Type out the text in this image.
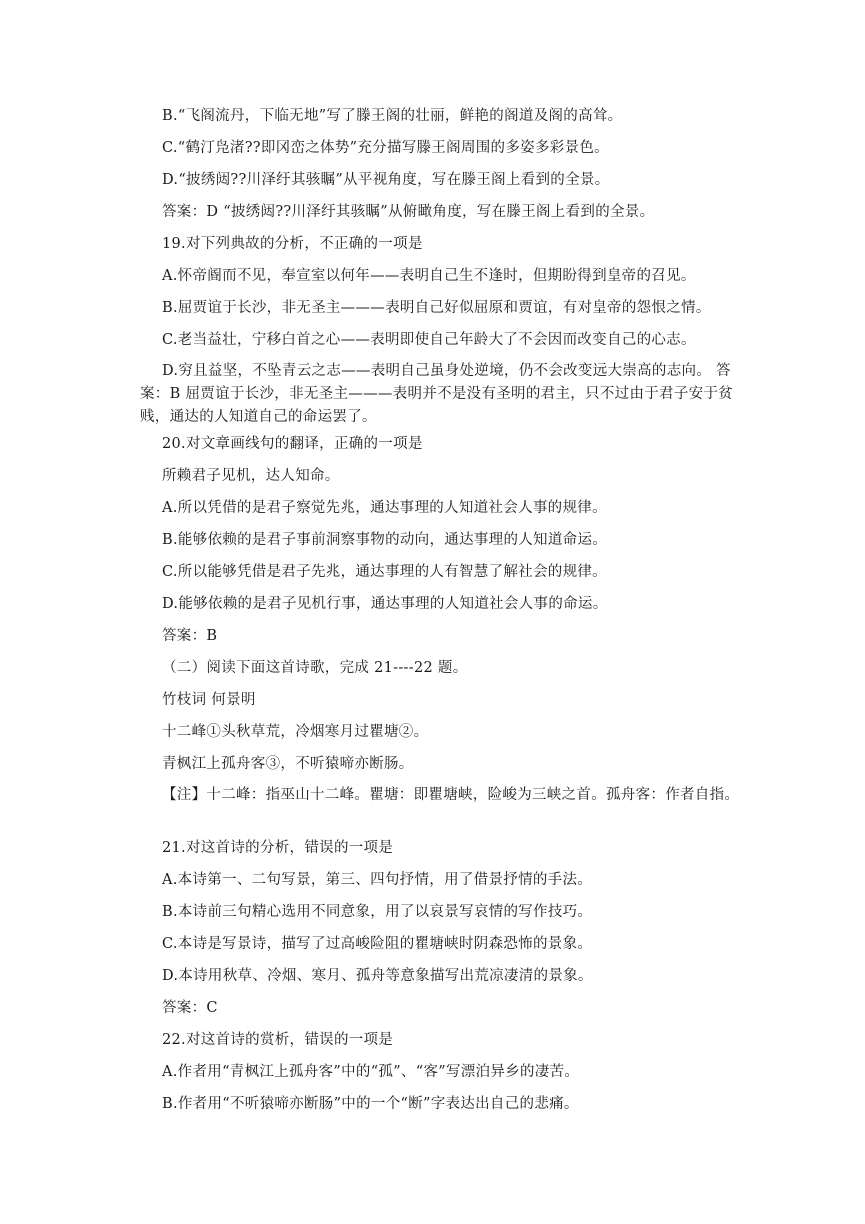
B.“飞阁流丹，下临无地”写了滕王阁的壮丽，鲜艳的阁道及阁的高耸。
C.“鹤汀凫渚??即冈峦之体势”充分描写滕王阁周围的多姿多彩景色。
D.“披绣闼??川泽纡其骇瞩”从平视角度，写在滕王阁上看到的全景。
答案：D “披绣闼??川泽纡其骇瞩”从俯瞰角度，写在滕王阁上看到的全景。
19.对下列典故的分析，不正确的一项是
A.怀帝阍而不见，奉宣室以何年——表明自己生不逢时，但期盼得到皇帝的召见。
B.屈贾谊于长沙，非无圣主———表明自己好似屈原和贾谊，有对皇帝的怨恨之情。
C.老当益壮，宁移白首之心——表明即使自己年龄大了不会因而改变自己的心志。
D.穷且益坚，不坠青云之志——表明自己虽身处逆境，仍不会改变远大崇高的志向。 答案：B 屈贾谊于长沙，非无圣主———表明并不是没有圣明的君主，只不过由于君子安于贫贱，通达的人知道自己的命运罢了。
20.对文章画线句的翻译，正确的一项是
所赖君子见机，达人知命。
A.所以凭借的是君子察觉先兆，通达事理的人知道社会人事的规律。
B.能够依赖的是君子事前洞察事物的动向，通达事理的人知道命运。
C.所以能够凭借是君子先兆，通达事理的人有智慧了解社会的规律。
D.能够依赖的是君子见机行事，通达事理的人知道社会人事的命运。
答案：B
（二）阅读下面这首诗歌，完成 21----22 题。
竹枝词 何景明
十二峰①头秋草荒，冷烟寒月过瞿塘②。
青枫江上孤舟客③，不听猿啼亦断肠。
【注】十二峰：指巫山十二峰。瞿塘：即瞿塘峡，险峻为三峡之首。孤舟客：作者自指。
21.对这首诗的分析，错误的一项是
A.本诗第一、二句写景，第三、四句抒情，用了借景抒情的手法。
B.本诗前三句精心选用不同意象，用了以哀景写哀情的写作技巧。
C.本诗是写景诗，描写了过高峻险阻的瞿塘峡时阴森恐怖的景象。
D.本诗用秋草、冷烟、寒月、孤舟等意象描写出荒凉凄清的景象。
答案：C
22.对这首诗的赏析，错误的一项是
A.作者用“青枫江上孤舟客”中的“孤”、“客”写漂泊异乡的凄苦。
B.作者用“不听猿啼亦断肠”中的一个“断”字表达出自己的悲痛。
